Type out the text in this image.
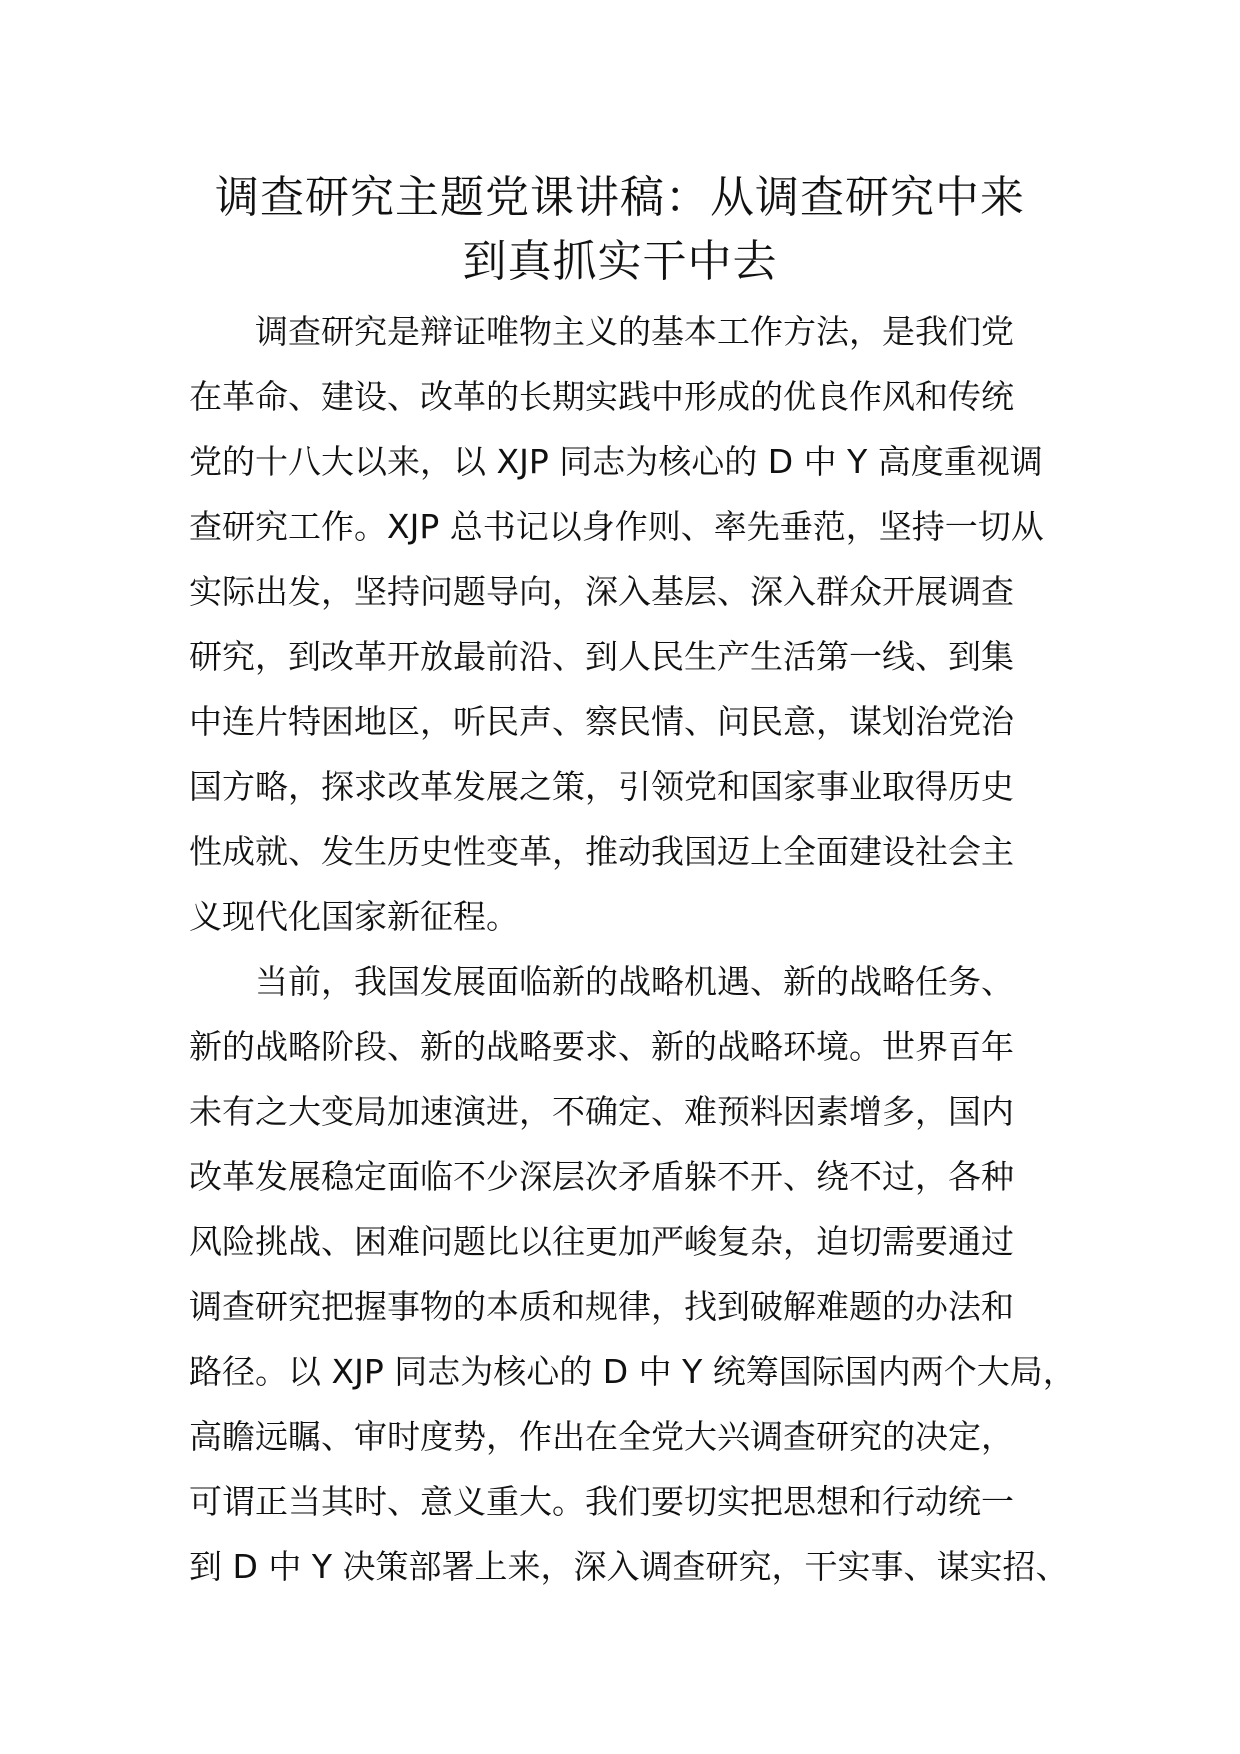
调查研究主题党课讲稿：从调查研究中来
到真抓实干中去
　　调查研究是辩证唯物主义的基本工作方法，是我们党
在革命、建设、改革的长期实践中形成的优良作风和传统
党的十八大以来，以 XJP 同志为核心的 D 中 Y 高度重视调
查研究工作。XJP 总书记以身作则、率先垂范，坚持一切从
实际出发，坚持问题导向，深入基层、深入群众开展调查
研究，到改革开放最前沿、到人民生产生活第一线、到集
中连片特困地区，听民声、察民情、问民意，谋划治党治
国方略，探求改革发展之策，引领党和国家事业取得历史
性成就、发生历史性变革，推动我国迈上全面建设社会主
义现代化国家新征程。
　　当前，我国发展面临新的战略机遇、新的战略任务、
新的战略阶段、新的战略要求、新的战略环境。世界百年
未有之大变局加速演进，不确定、难预料因素增多，国内
改革发展稳定面临不少深层次矛盾躲不开、绕不过，各种
风险挑战、困难问题比以往更加严峻复杂，迫切需要通过
调查研究把握事物的本质和规律，找到破解难题的办法和
路径。以 XJP 同志为核心的 D 中 Y 统筹国际国内两个大局，
高瞻远瞩、审时度势，作出在全党大兴调查研究的决定，
可谓正当其时、意义重大。我们要切实把思想和行动统一
到 D 中 Y 决策部署上来，深入调查研究，干实事、谋实招、
